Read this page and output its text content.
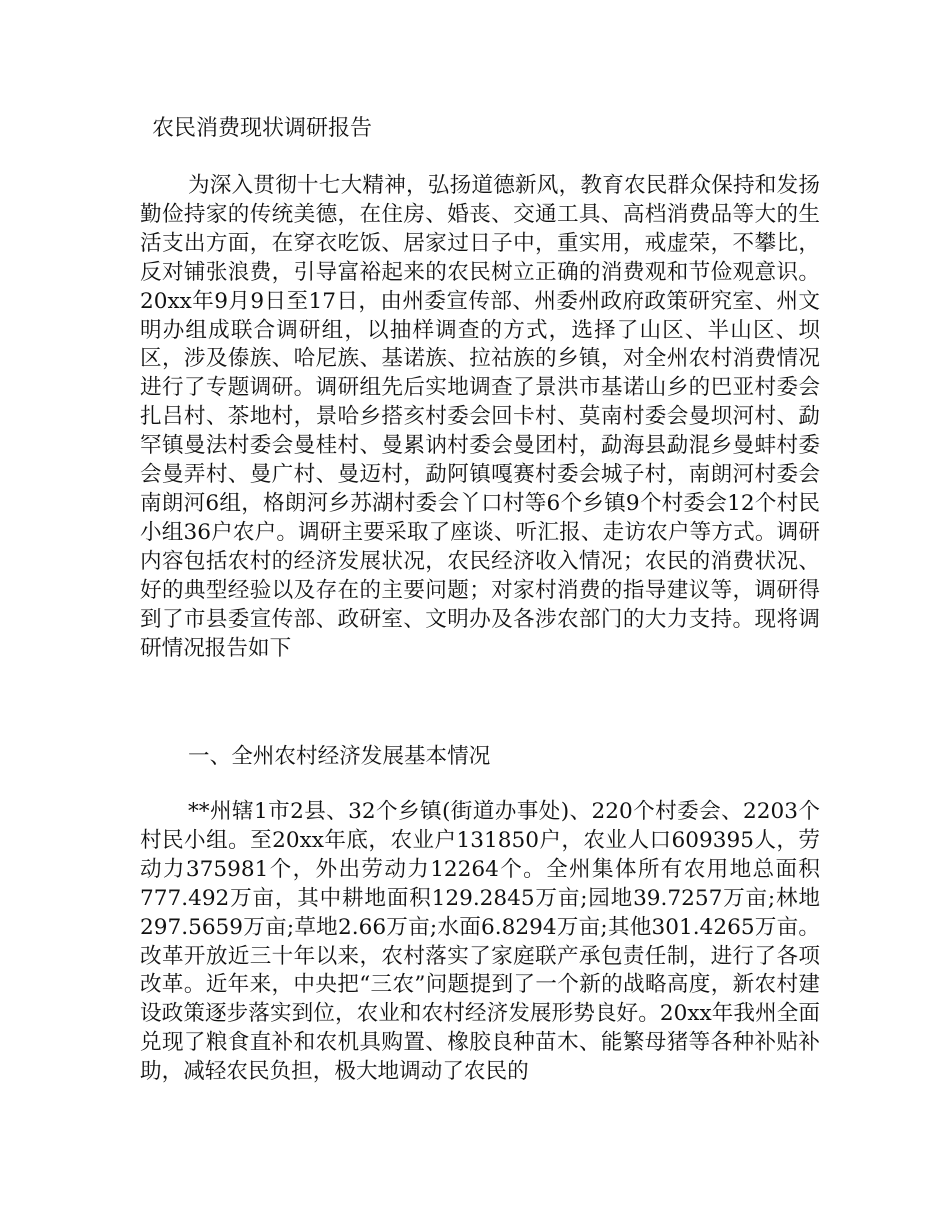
农民消费现状调研报告

为深入贯彻十七大精神，弘扬道德新风，教育农民群众保持和发扬勤俭持家的传统美德，在住房、婚丧、交通工具、高档消费品等大的生活支出方面，在穿衣吃饭、居家过日子中，重实用，戒虚荣，不攀比，反对铺张浪费，引导富裕起来的农民树立正确的消费观和节俭观意识。20xx年9月9日至17日，由州委宣传部、州委州政府政策研究室、州文明办组成联合调研组，以抽样调查的方式，选择了山区、半山区、坝区，涉及傣族、哈尼族、基诺族、拉祜族的乡镇，对全州农村消费情况进行了专题调研。调研组先后实地调查了景洪市基诺山乡的巴亚村委会扎吕村、茶地村，景哈乡搭亥村委会回卡村、莫南村委会曼坝河村、勐罕镇曼法村委会曼桂村、曼累讷村委会曼团村，勐海县勐混乡曼蚌村委会曼弄村、曼广村、曼迈村，勐阿镇嘎赛村委会城子村，南朗河村委会南朗河6组，格朗河乡苏湖村委会丫口村等6个乡镇9个村委会12个村民小组36户农户。调研主要采取了座谈、听汇报、走访农户等方式。调研内容包括农村的经济发展状况，农民经济收入情况；农民的消费状况、好的典型经验以及存在的主要问题；对家村消费的指导建议等，调研得到了市县委宣传部、政研室、文明办及各涉农部门的大力支持。现将调研情况报告如下

一、全州农村经济发展基本情况

**州辖1市2县、32个乡镇(街道办事处)、220个村委会、2203个村民小组。至20xx年底，农业户131850户，农业人口609395人，劳动力375981个，外出劳动力12264个。全州集体所有农用地总面积777.492万亩，其中耕地面积129.2845万亩;园地39.7257万亩;林地297.5659万亩;草地2.66万亩;水面6.8294万亩;其他301.4265万亩。改革开放近三十年以来，农村落实了家庭联产承包责任制，进行了各项改革。近年来，中央把“三农”问题提到了一个新的战略高度，新农村建设政策逐步落实到位，农业和农村经济发展形势良好。20xx年我州全面兑现了粮食直补和农机具购置、橡胶良种苗木、能繁母猪等各种补贴补助，减轻农民负担，极大地调动了农民的
